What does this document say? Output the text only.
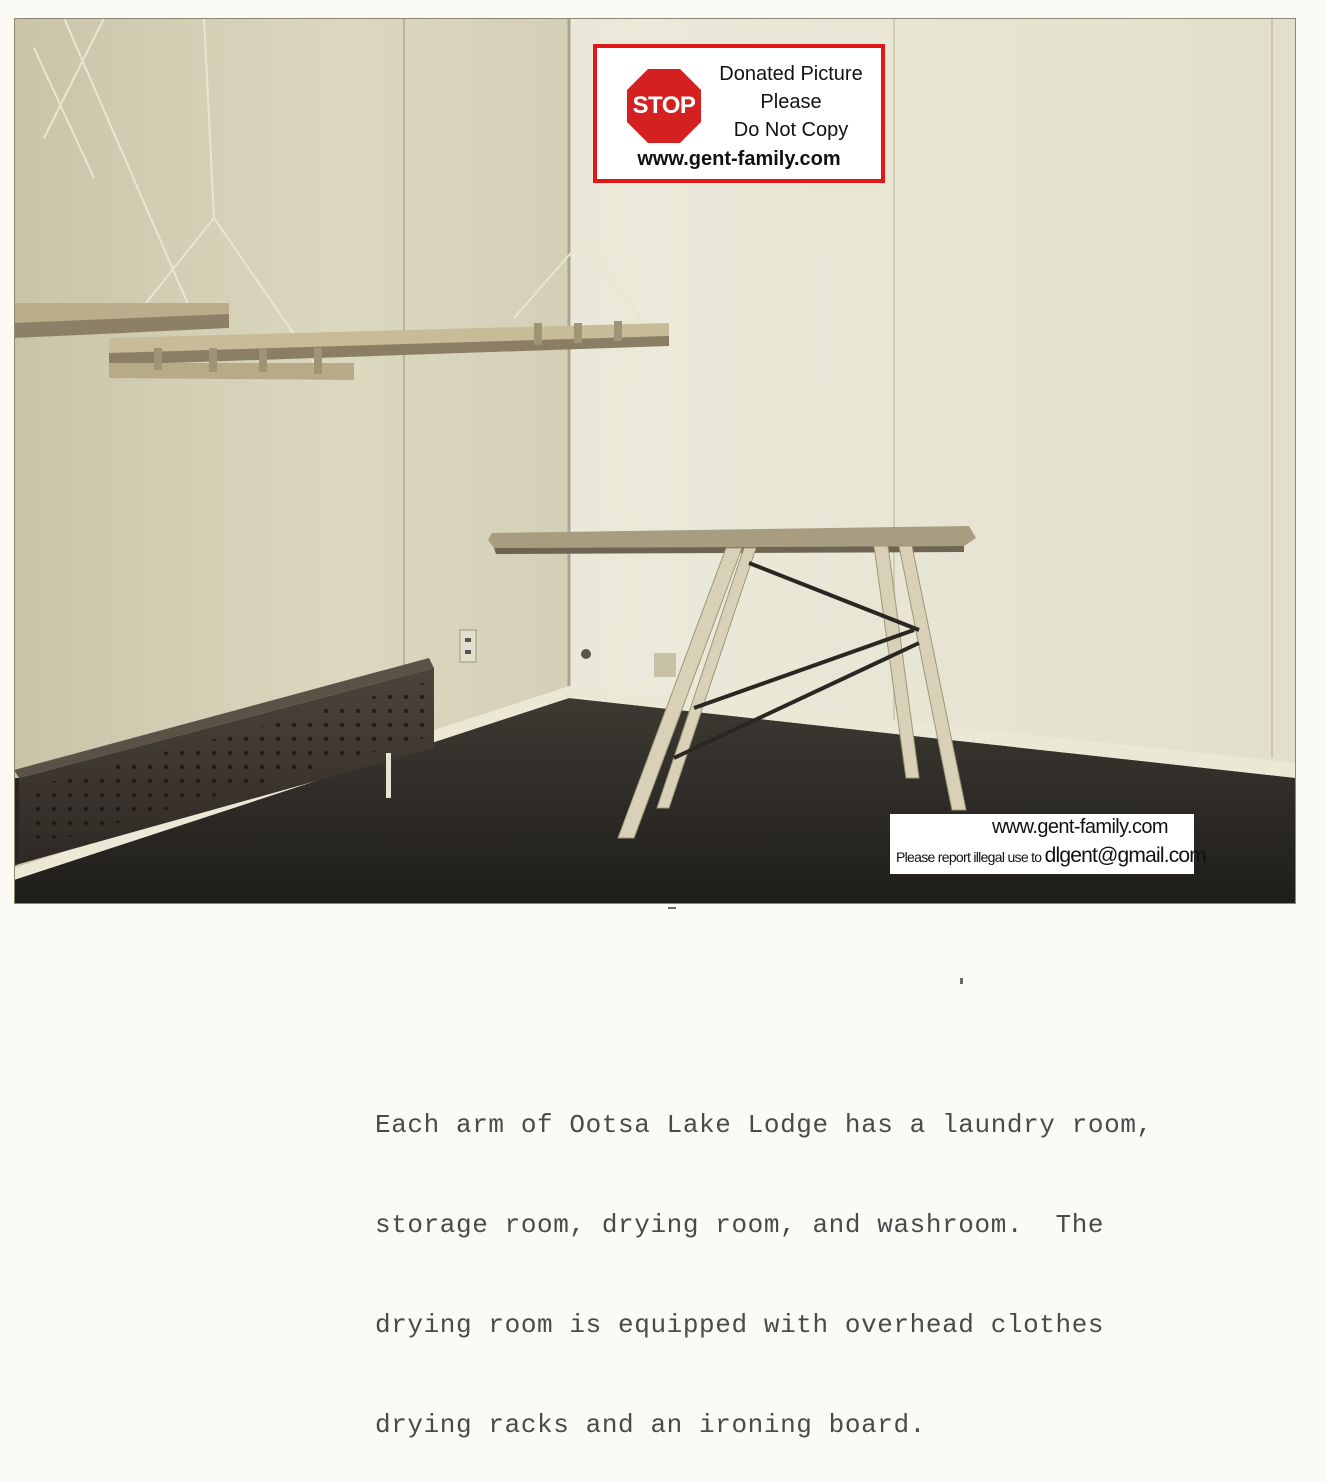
STOP
Donated Picture
Please
Do Not Copy
www.gent-family.com
www.gent-family.com
Please report illegal use to dlgent@gmail.com
Each arm of Ootsa Lake Lodge has a laundry room,
storage room, drying room, and washroom.  The
drying room is equipped with overhead clothes
drying racks and an ironing board.
